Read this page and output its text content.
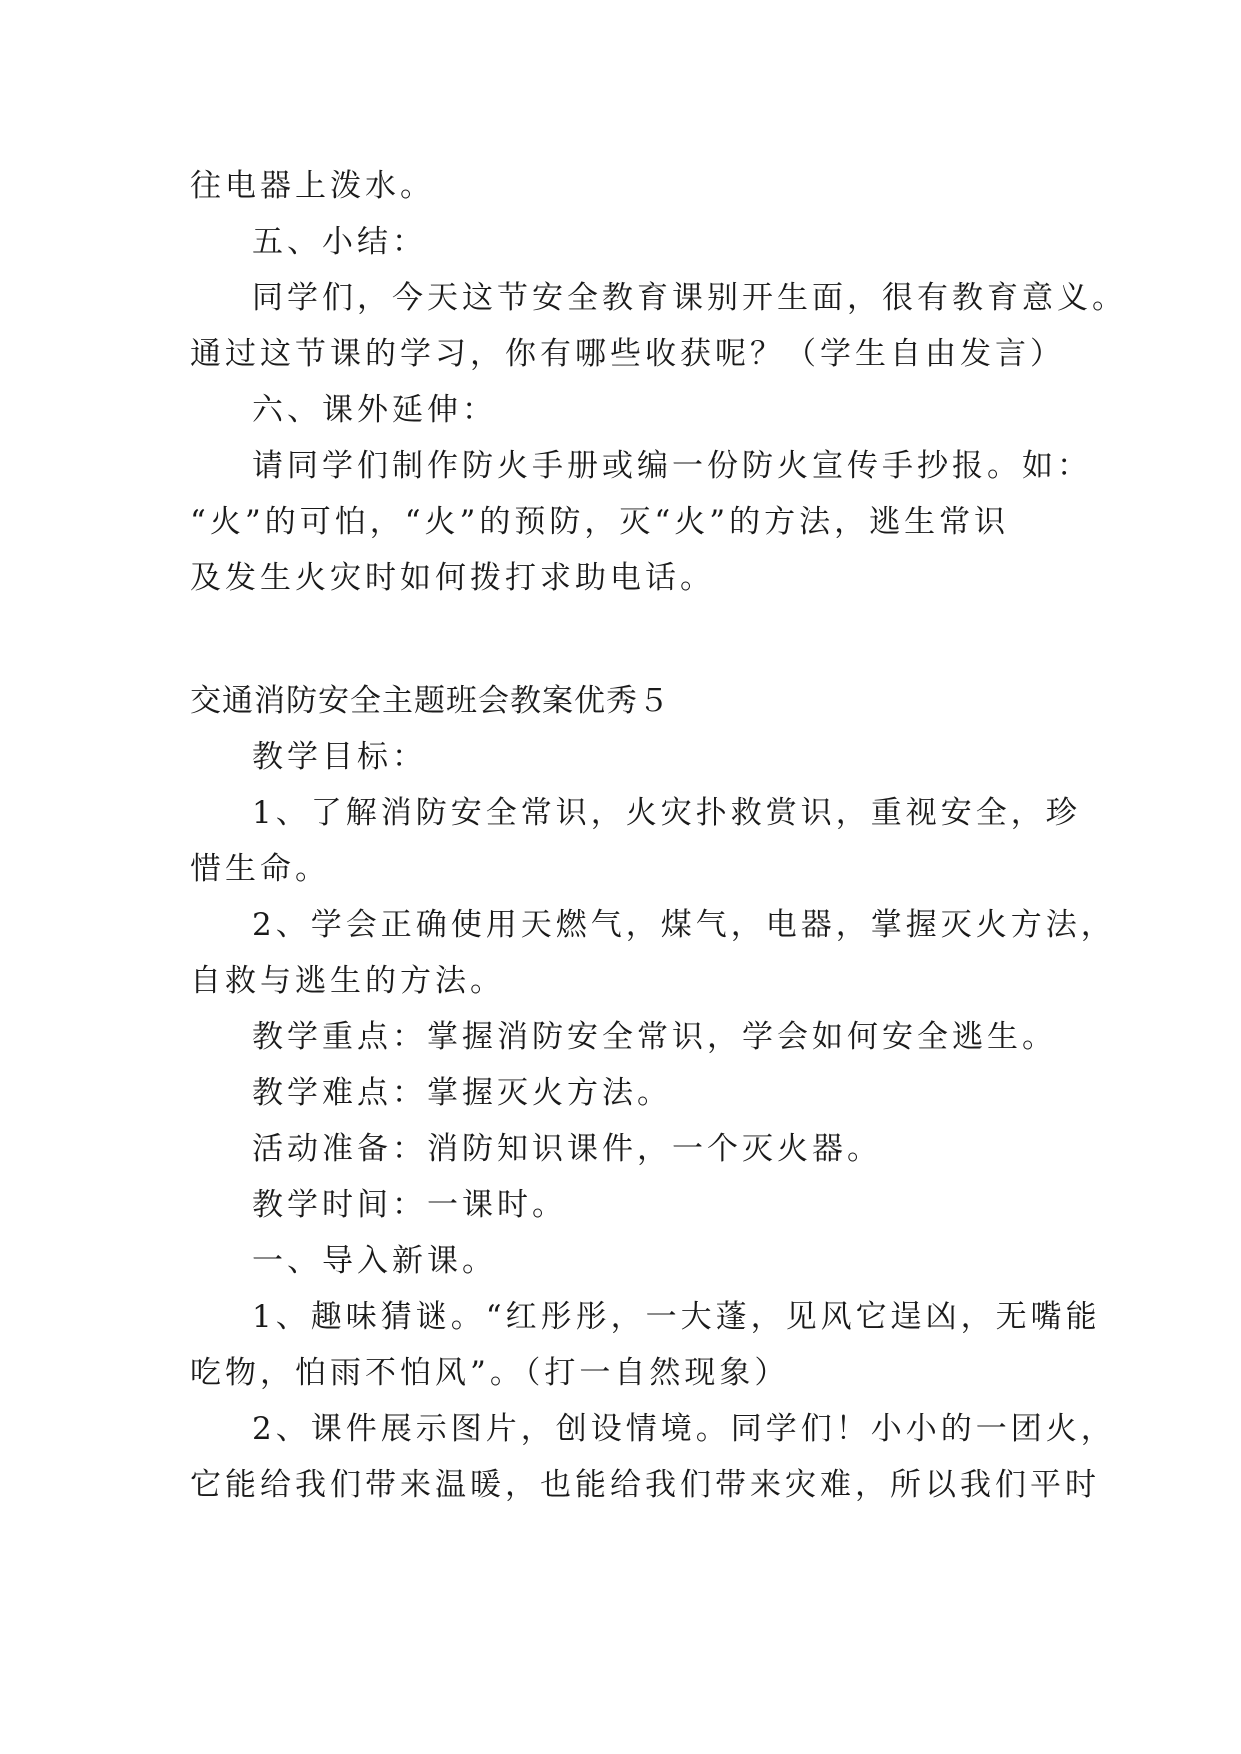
往电器上泼水。
五、小结：
同学们，今天这节安全教育课别开生面，很有教育意义。
通过这节课的学习，你有哪些收获呢？（学生自由发言）
六、课外延伸：
请同学们制作防火手册或编一份防火宣传手抄报。如：
“火”的可怕，“火”的预防，灭“火”的方法，逃生常识
及发生火灾时如何拨打求助电话。
交通消防安全主题班会教案优秀５
教学目标：
1、了解消防安全常识，火灾扑救赏识，重视安全，珍
惜生命。
2、学会正确使用天燃气，煤气，电器，掌握灭火方法，
自救与逃生的方法。
教学重点：掌握消防安全常识，学会如何安全逃生。
教学难点：掌握灭火方法。
活动准备：消防知识课件，一个灭火器。
教学时间：一课时。
一、导入新课。
1、趣味猜谜。“红彤彤，一大蓬，见风它逞凶，无嘴能
吃物，怕雨不怕风”。（打一自然现象）
2、课件展示图片，创设情境。同学们！小小的一团火，
它能给我们带来温暖，也能给我们带来灾难，所以我们平时
